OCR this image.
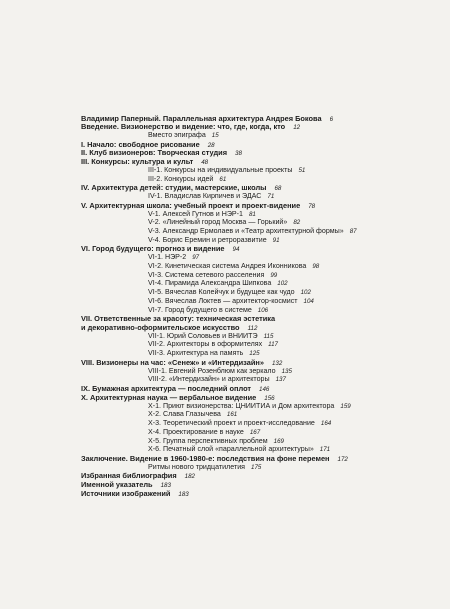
Владимир Паперный. Параллельная архитектура Андрея Бокова 6
Введение. Визионерство и видение: что, где, когда, кто 12
Вместо эпиграфа 15
I. Начало: свободное рисование 28
II. Клуб визионеров: Творческая студия 38
III. Конкурсы: культура и культ 48
III-1. Конкурсы на индивидуальные проекты 51
III-2. Конкурсы идей 61
IV. Архитектура детей: студии, мастерские, школы 68
IV-1. Владислав Кирпичев и ЭДАС 71
V. Архитектурная школа: учебный проект и проект-видение 78
V-1. Алексей Гутнов и НЭР-1 81
V-2. «Линейный город Москва — Горький» 82
V-3. Александр Ермолаев и «Театр архитектурной формы» 87
V-4. Борис Еремин и ретроразвитие 91
VI. Город будущего: прогноз и видение 94
VI-1. НЭР-2 97
VI-2. Кинетическая система Андрея Иконникова 98
VI-3. Система сетевого расселения 99
VI-4. Пирамида Александра Шипкова 102
VI-5. Вячеслав Колейчук и будущее как чудо 102
VI-6. Вячеслав Локтев — архитектор-космист 104
VI-7. Город будущего в системе 106
VII. Ответственные за красоту: техническая эстетика
и декоративно-оформительское искусство 112
VII-1. Юрий Соловьев и ВНИИТЭ 115
VII-2. Архитекторы в оформителях 117
VII-3. Архитектура на память 125
VIII. Визионеры на час: «Сенеж» и «Интердизайн» 132
VIII-1. Евгений Розенблюм как зеркало 135
VIII-2. «Интердизайн» и архитекторы 137
IX. Бумажная архитектура — последний оплот 146
X. Архитектурная наука — вербальное видение 156
X-1. Приют визионерства: ЦНИИТИА и Дом архитектора 159
X-2. Слава Глазычева 161
X-3. Теоретический проект и проект-исследование 164
X-4. Проектирование в науке 167
X-5. Группа перспективных проблем 169
X-6. Печатный слой «параллельной архитектуры» 171
Заключение. Видение в 1960-1980-е: последствия на фоне перемен 172
Ритмы нового тридцатилетия 175
Избранная библиография 182
Именной указатель 183
Источники изображений 183
